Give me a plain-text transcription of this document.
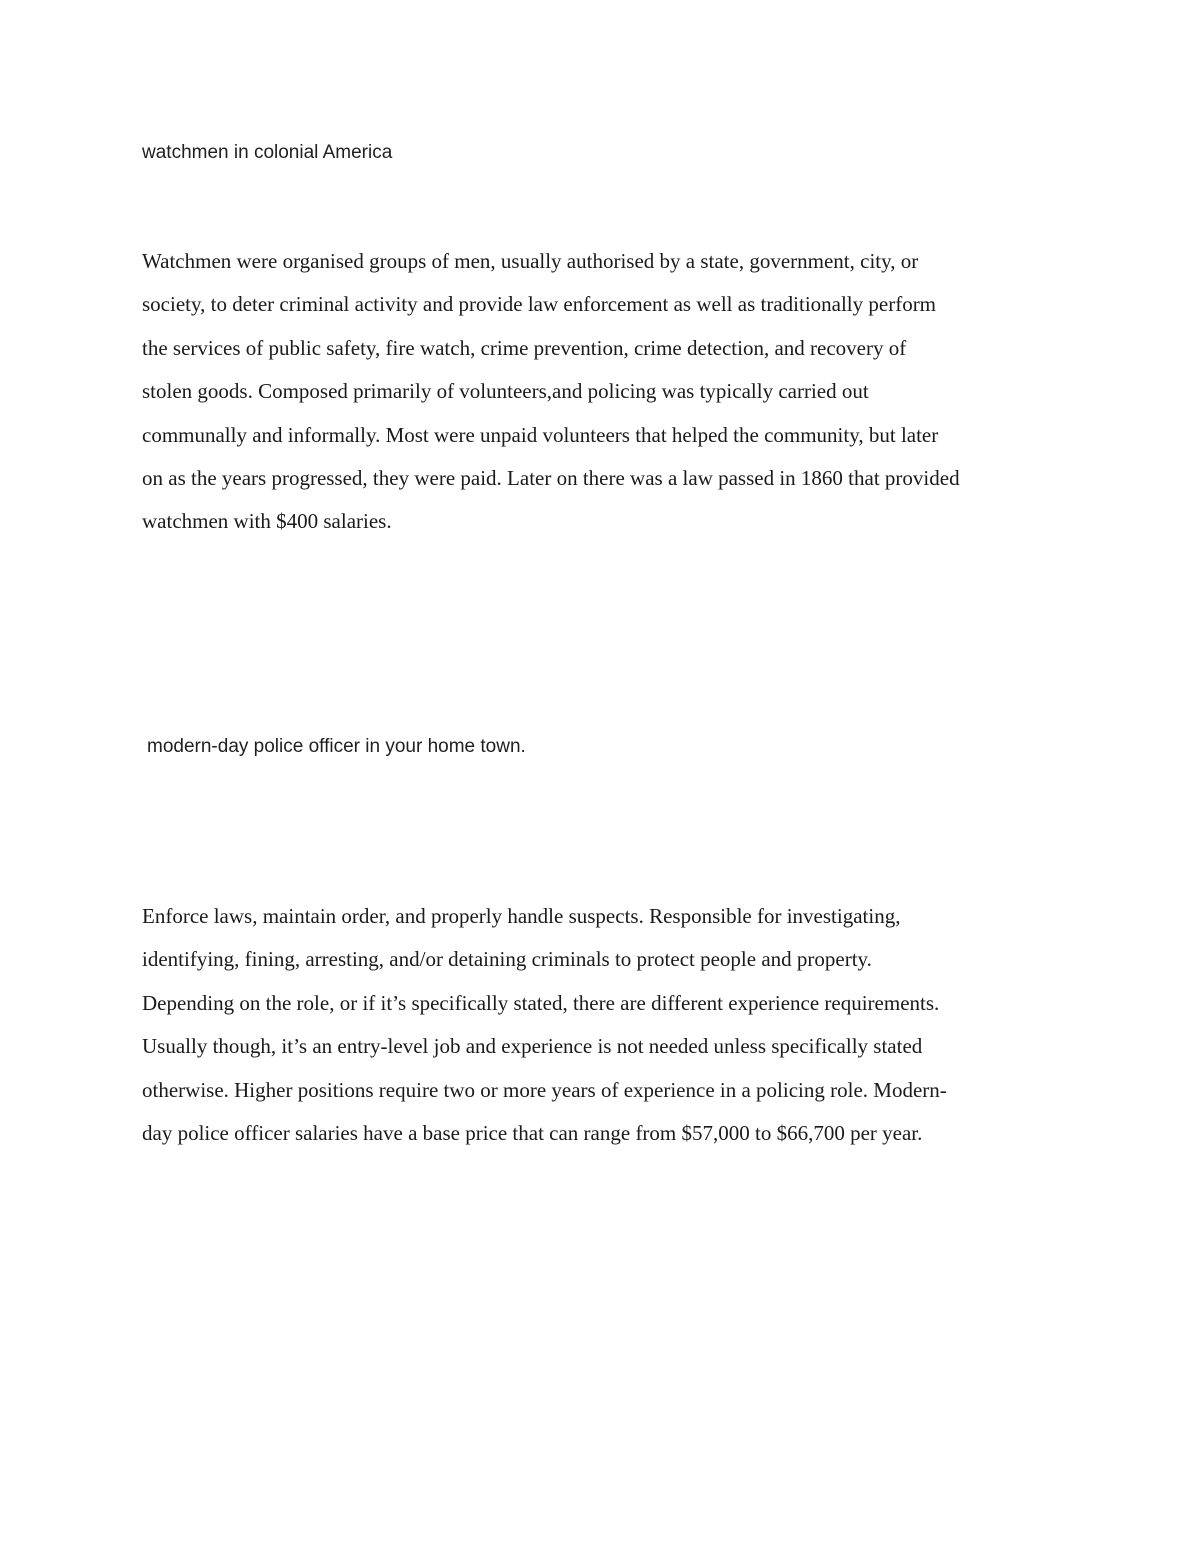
watchmen in colonial America

Watchmen were organised groups of men, usually authorised by a state, government, city, or
society, to deter criminal activity and provide law enforcement as well as traditionally perform
the services of public safety, fire watch, crime prevention, crime detection, and recovery of
stolen goods. Composed primarily of volunteers,and policing was typically carried out
communally and informally. Most were unpaid volunteers that helped the community, but later
on as the years progressed, they were paid. Later on there was a law passed in 1860 that provided
watchmen with $400 salaries.

modern-day police officer in your home town.

Enforce laws, maintain order, and properly handle suspects. Responsible for investigating,
identifying, fining, arresting, and/or detaining criminals to protect people and property.
Depending on the role, or if it’s specifically stated, there are different experience requirements.
Usually though, it’s an entry-level job and experience is not needed unless specifically stated
otherwise. Higher positions require two or more years of experience in a policing role. Modern-
day police officer salaries have a base price that can range from $57,000 to $66,700 per year.
